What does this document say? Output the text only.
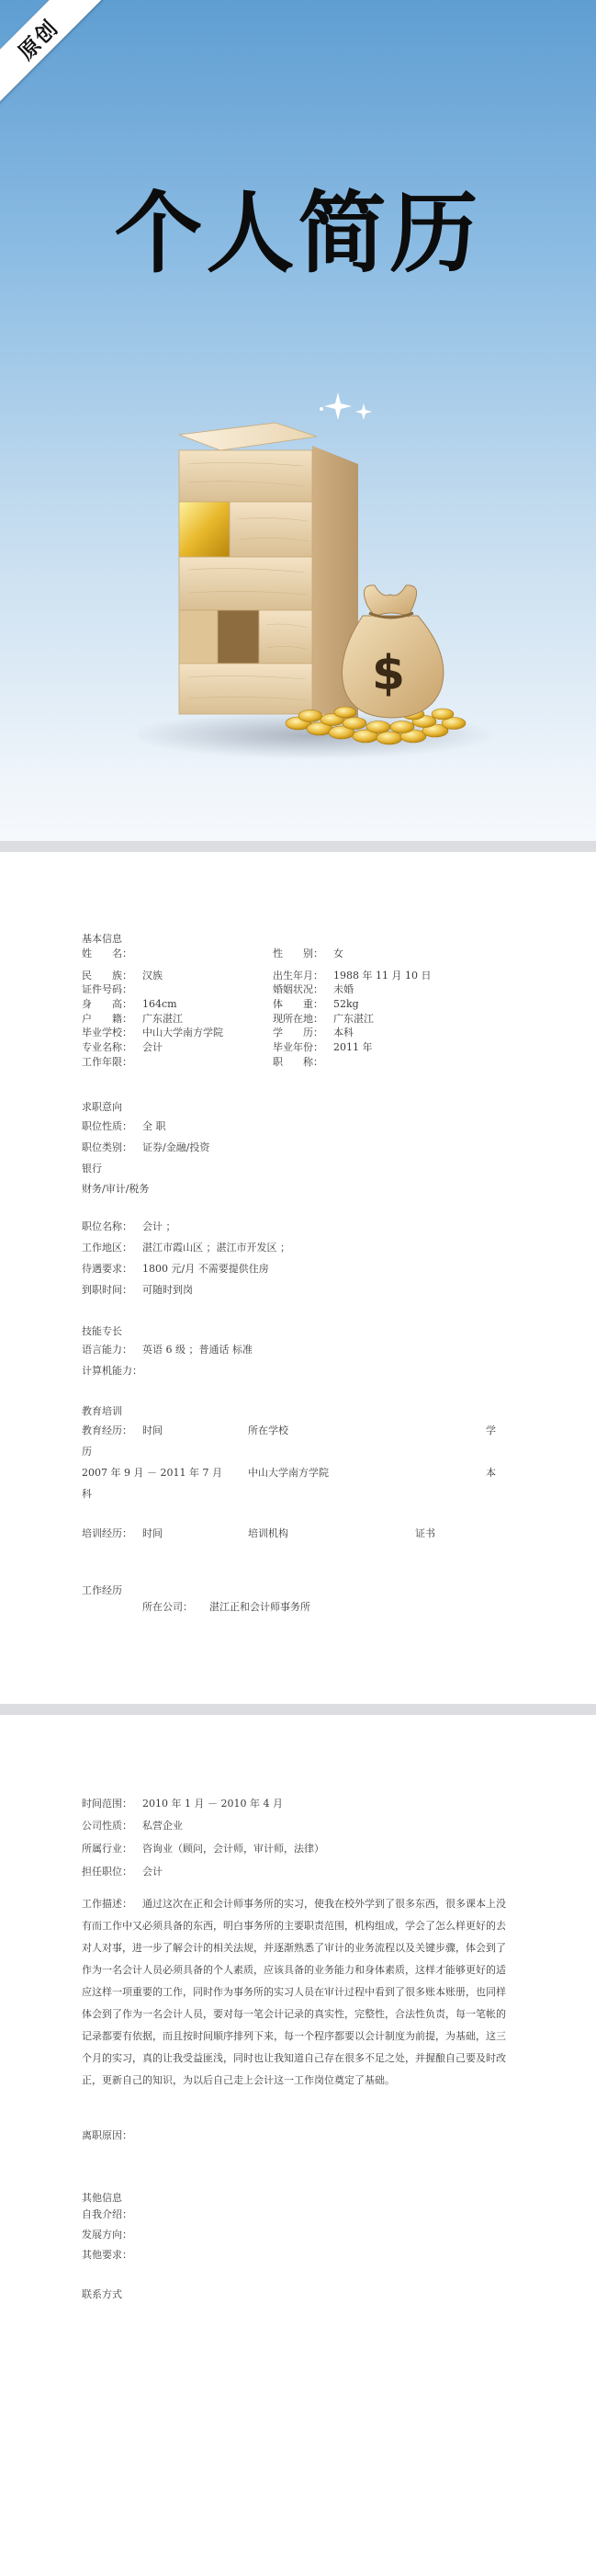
原创
个人简历
$
基本信息
姓　　名：	性　　别： 女
民　　族： 汉族	出生年月： 1988 年 11 月 10 日
证件号码：	婚姻状况： 未婚
身　　高： 164cm	体　　重： 52kg
户　　籍： 广东湛江	现所在地： 广东湛江
毕业学校： 中山大学南方学院	学　　历： 本科
专业名称： 会计	毕业年份： 2011 年
工作年限：	职　　称：
求职意向
职位性质： 全 职
职位类别： 证券/金融/投资
银行
财务/审计/税务
职位名称： 会计 ；
工作地区： 湛江市霞山区 ；湛江市开发区 ；
待遇要求： 1800 元/月 不需要提供住房
到职时间： 可随时到岗
技能专长
语言能力： 英语 6 级 ；普通话 标准
计算机能力：
教育培训
教育经历： 时间	所在学校	学
历
2007 年 9 月 － 2011 年 7 月	中山大学南方学院	本
科
培训经历： 时间	培训机构	证书
工作经历
所在公司： 湛江正和会计师事务所
时间范围： 2010 年 1 月 － 2010 年 4 月
公司性质： 私营企业
所属行业： 咨询业（顾问，会计师，审计师，法律）
担任职位： 会计
工作描述：	通过这次在正和会计师事务所的实习，使我在校外学到了很多东西，很多课本上没有而工作中又必须具备的东西，明白事务所的主要职责范围，机构组成，学会了怎么样更好的去对人对事，进一步了解会计的相关法规，并逐渐熟悉了审计的业务流程以及关键步骤，体会到了作为一名会计人员必须具备的个人素质，应该具备的业务能力和身体素质，这样才能够更好的适应这样一项重要的工作，同时作为事务所的实习人员在审计过程中看到了很多账本账册，也同样体会到了作为一名会计人员，要对每一笔会计记录的真实性，完整性，合法性负责，每一笔帐的记录都要有依据，而且按时间顺序排列下来，每一个程序都要以会计制度为前提，为基础，这三个月的实习，真的让我受益匪浅，同时也让我知道自己存在很多不足之处，并握酿自己要及时改正，更新自己的知识，为以后自己走上会计这一工作岗位奠定了基础。
离职原因：
其他信息
自我介绍：
发展方向：
其他要求：
联系方式
